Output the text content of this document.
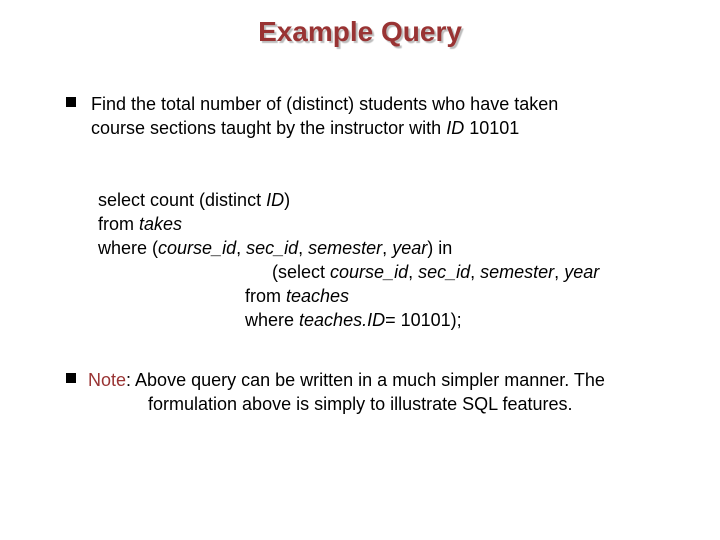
Example Query
Find the total number of (distinct) students who have taken
course sections taught by the instructor with ID 10101
select count (distinct ID)
from takes
where (course_id, sec_id, semester, year) in
(select course_id, sec_id, semester, year
from teaches
where teaches.ID= 10101);
Note: Above query can be written in a much simpler manner. The
formulation above is simply to illustrate SQL features.
